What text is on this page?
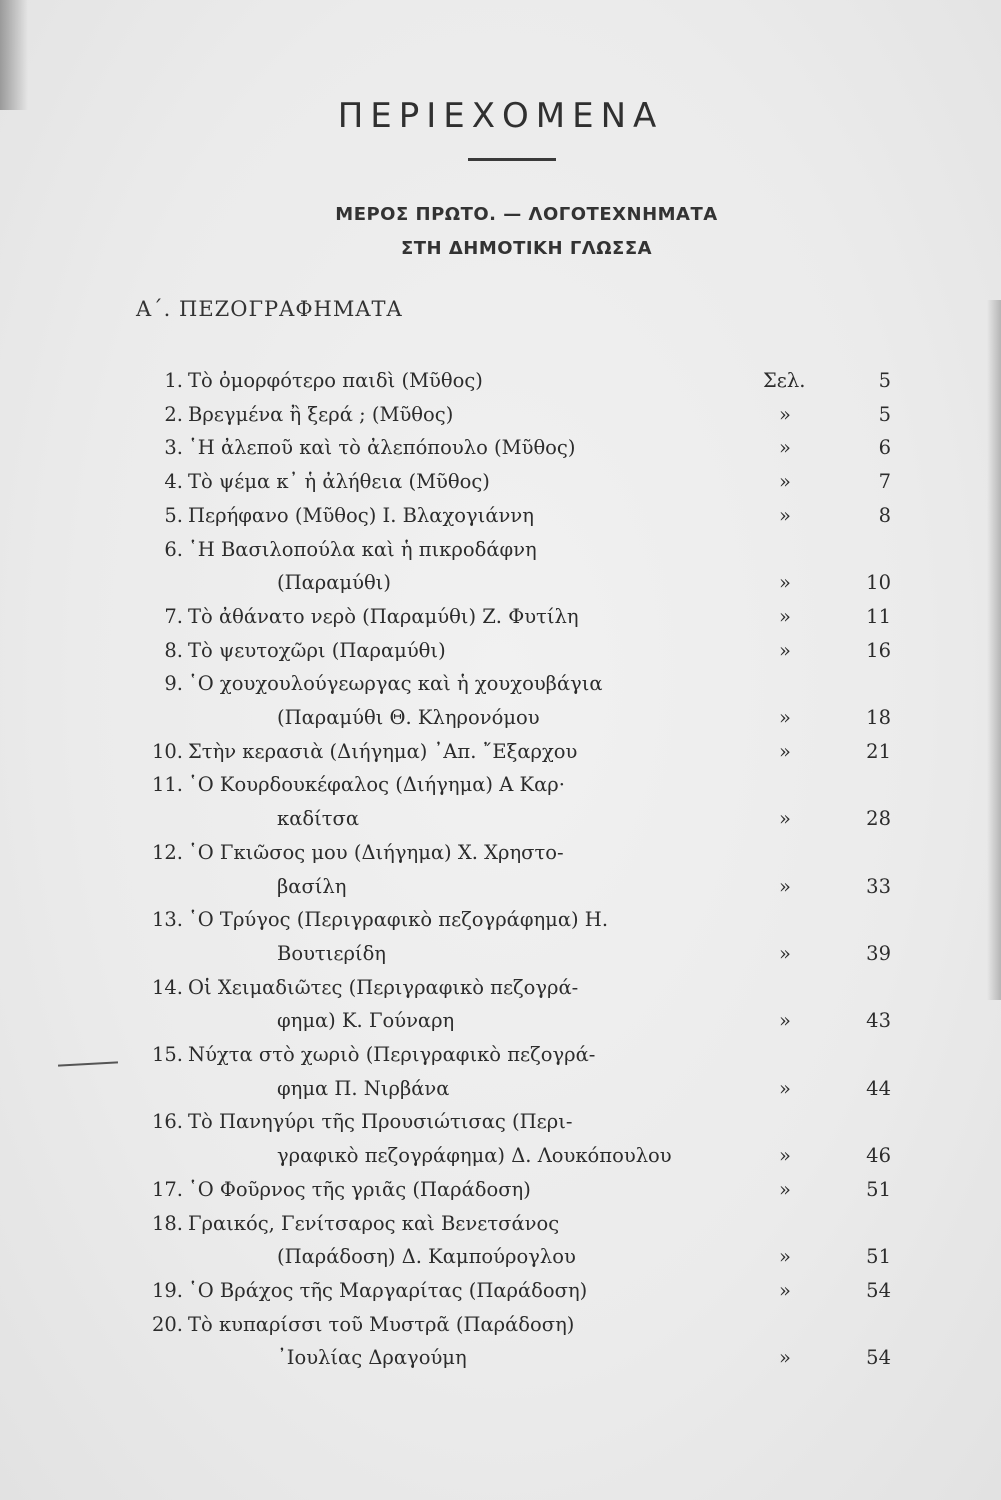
ΠΕΡΙΕΧΟΜΕΝΑ
ΜΕΡΟΣ ΠΡΩΤΟ. — ΛΟΓΟΤΕΧΝΗΜΑΤΑ
ΣΤΗ ΔΗΜΟΤΙΚΗ ΓΛΩΣΣΑ
Α΄. ΠΕΖΟΓΡΑΦΗΜΑΤΑ
1. Τὸ ὀμορφότερο παιδὶ (Μῦθος)	Σελ.	5
2. Βρεγμένα ἢ ξερά ; (Μῦθος)	»	5
3. ῾Η ἀλεποῦ καὶ τὸ ἀλεπόπουλο (Μῦθος)	»	6
4. Τὸ ψέμα κ᾽ ἡ ἀλήθεια (Μῦθος)	»	7
5. Περήφανο (Μῦθος) Ι. Βλαχογιάννη	»	8
6. ῾Η Βασιλοπούλα καὶ ἡ πικροδάφνη
(Παραμύθι)	»	10
7. Τὸ ἀθάνατο νερὸ (Παραμύθι) Ζ. Φυτίλη	»	11
8. Τὸ ψευτοχῶρι (Παραμύθι)	»	16
9. ῾Ο χουχουλούγεωργας καὶ ἡ χουχουβάγια
(Παραμύθι Θ. Κληρονόμου	»	18
10. Στὴν κερασιὰ (Διήγημα) ᾽Απ. ῎Εξαρχου	»	21
11. ῾Ο Κουρδουκέφαλος (Διήγημα) Α Καρ·
καδίτσα	»	28
12. ῾Ο Γκιῶσος μου (Διήγημα) Χ. Χρηστο-
βασίλη	»	33
13. ῾Ο Τρύγος (Περιγραφικὸ πεζογράφημα) Η.
Βουτιερίδη	»	39
14. Οἱ Χειμαδιῶτες (Περιγραφικὸ πεζογρά-
φημα) Κ. Γούναρη	»	43
15. Νύχτα στὸ χωριὸ (Περιγραφικὸ πεζογρά-
φημα Π. Νιρβάνα	»	44
16. Τὸ Πανηγύρι τῆς Προυσιώτισας (Περι-
γραφικὸ πεζογράφημα) Δ. Λουκόπουλου	»	46
17. ῾Ο Φοῦρνος τῆς γριᾶς (Παράδοση)	»	51
18. Γραικός, Γενίτσαρος καὶ Βενετσάνος
(Παράδοση) Δ. Καμπούρογλου	»	51
19. ῾Ο Βράχος τῆς Μαργαρίτας (Παράδοση)	»	54
20. Τὸ κυπαρίσσι τοῦ Μυστρᾶ (Παράδοση)
᾽Ιουλίας Δραγούμη	»	54
